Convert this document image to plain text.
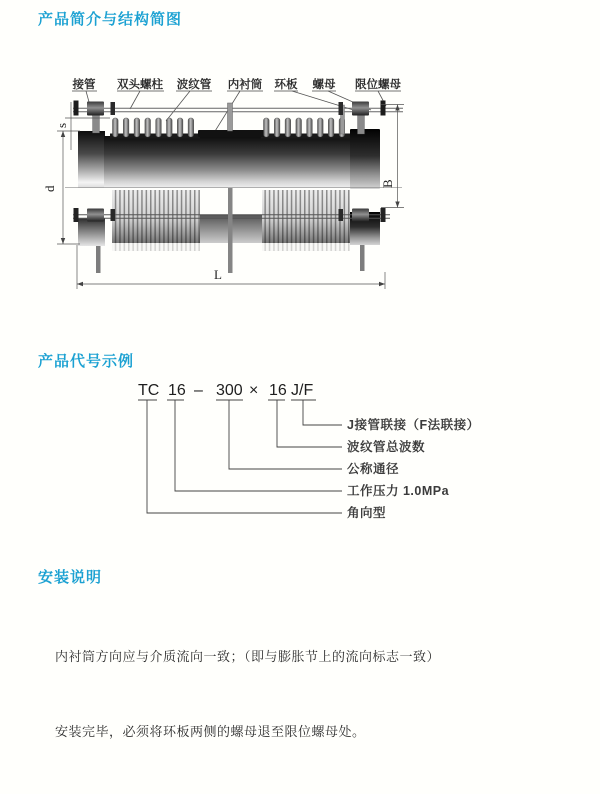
产品简介与结构简图
接管 双头螺柱 波纹管 内衬筒 环板 螺母 限位螺母
s
d
B
L
产品代号示例
TC 16 – 300 × 16 J/F
J接管联接（F法联接）
波纹管总波数
公称通径
工作压力 1.0MPa
角向型
安装说明

内衬筒方向应与介质流向一致；（即与膨胀节上的流向标志一致）

安装完毕，必须将环板两侧的螺母退至限位螺母处。
